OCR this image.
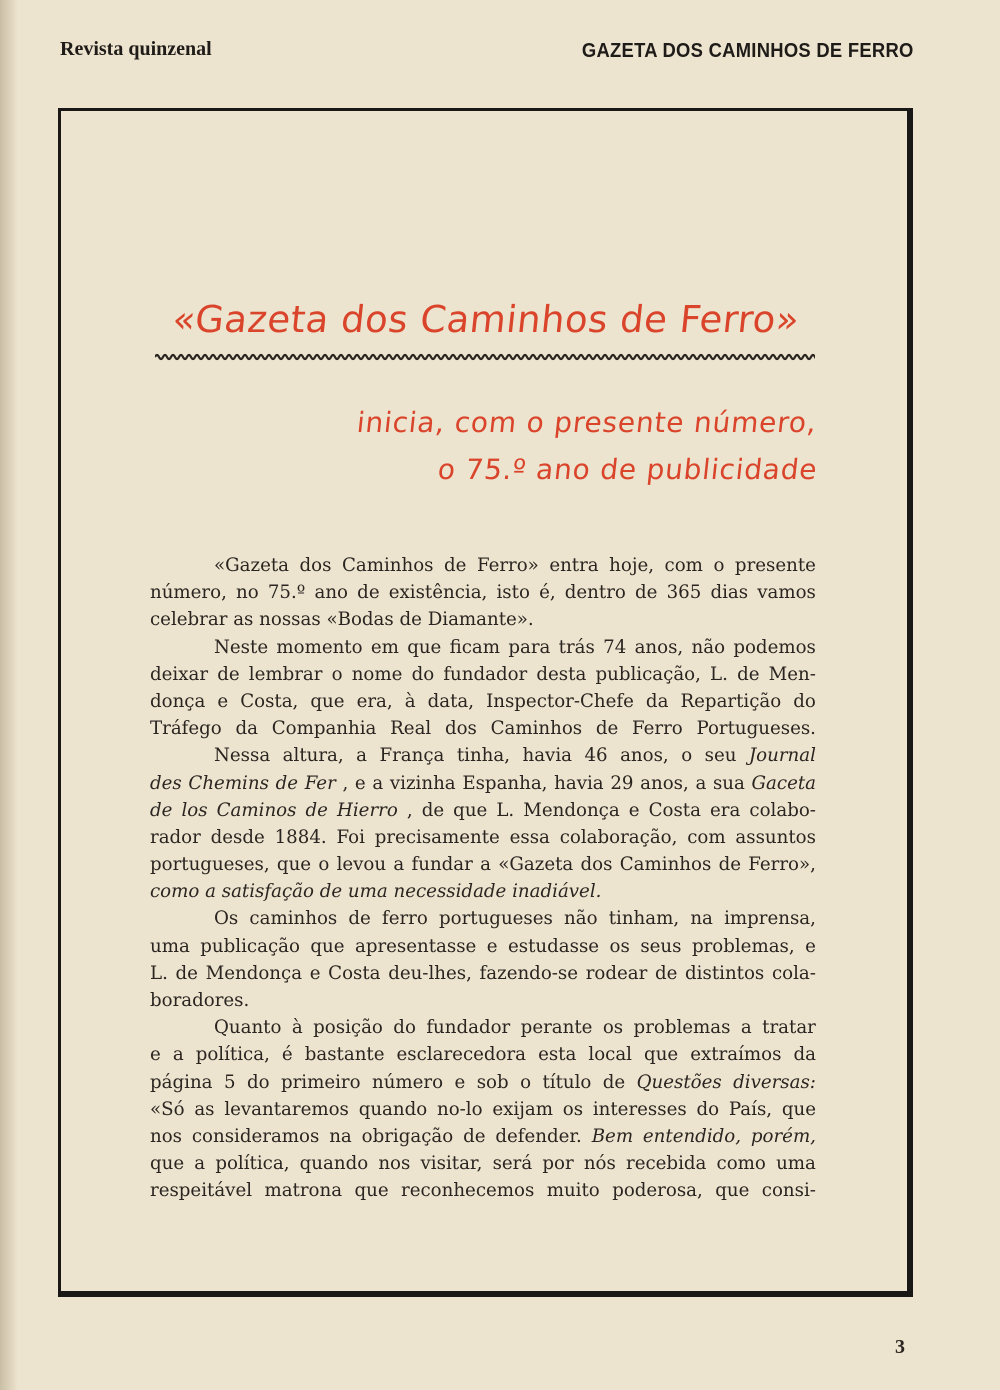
Revista quinzenal	GAZETA DOS CAMINHOS DE FERRO
«Gazeta dos Caminhos de Ferro»
inicia, com o presente número,
o 75.º ano de publicidade
«Gazeta dos Caminhos de Ferro» entra hoje, com o presente
número, no 75.º ano de existência, isto é, dentro de 365 dias vamos
celebrar as nossas «Bodas de Diamante».
Neste momento em que ficam para trás 74 anos, não podemos
deixar de lembrar o nome do fundador desta publicação, L. de Men-
donça e Costa, que era, à data, Inspector-Chefe da Repartição do
Tráfego da Companhia Real dos Caminhos de Ferro Portugueses.
Nessa altura, a França tinha, havia 46 anos, o seu Journal
des Chemins de Fer , e a vizinha Espanha, havia 29 anos, a sua Gaceta
de los Caminos de Hierro , de que L. Mendonça e Costa era colabo-
rador desde 1884. Foi precisamente essa colaboração, com assuntos
portugueses, que o levou a fundar a «Gazeta dos Caminhos de Ferro»,
como a satisfação de uma necessidade inadiável.
Os caminhos de ferro portugueses não tinham, na imprensa,
uma publicação que apresentasse e estudasse os seus problemas, e
L. de Mendonça e Costa deu-lhes, fazendo-se rodear de distintos cola-
boradores.
Quanto à posição do fundador perante os problemas a tratar
e a política, é bastante esclarecedora esta local que extraímos da
página 5 do primeiro número e sob o título de Questões diversas:
«Só as levantaremos quando no-lo exijam os interesses do País, que
nos consideramos na obrigação de defender. Bem entendido, porém,
que a política, quando nos visitar, será por nós recebida como uma
respeitável matrona que reconhecemos muito poderosa, que consi-
3
